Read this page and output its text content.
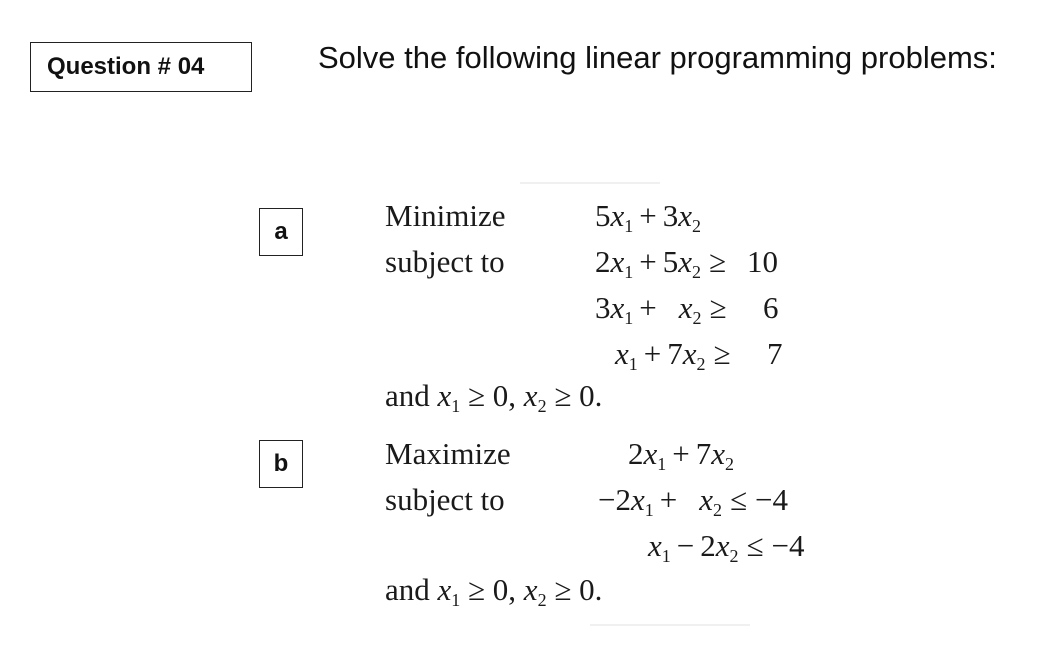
Question # 04	Solve the following linear programming problems:
a	Minimize
subject to
$5x_1 + 3x_2$
$2x_1 + 5x_2 \ge 10$
$3x_1 + x_2 \ge 6$
$x_1 + 7x_2 \ge 7$
and $x_1 \ge 0$, $x_2 \ge 0$.
b	Maximize
subject to
$2x_1 + 7x_2$
$-2x_1 + x_2 \le -4$
$x_1 - 2x_2 \le -4$
and $x_1 \ge 0$, $x_2 \ge 0$.
